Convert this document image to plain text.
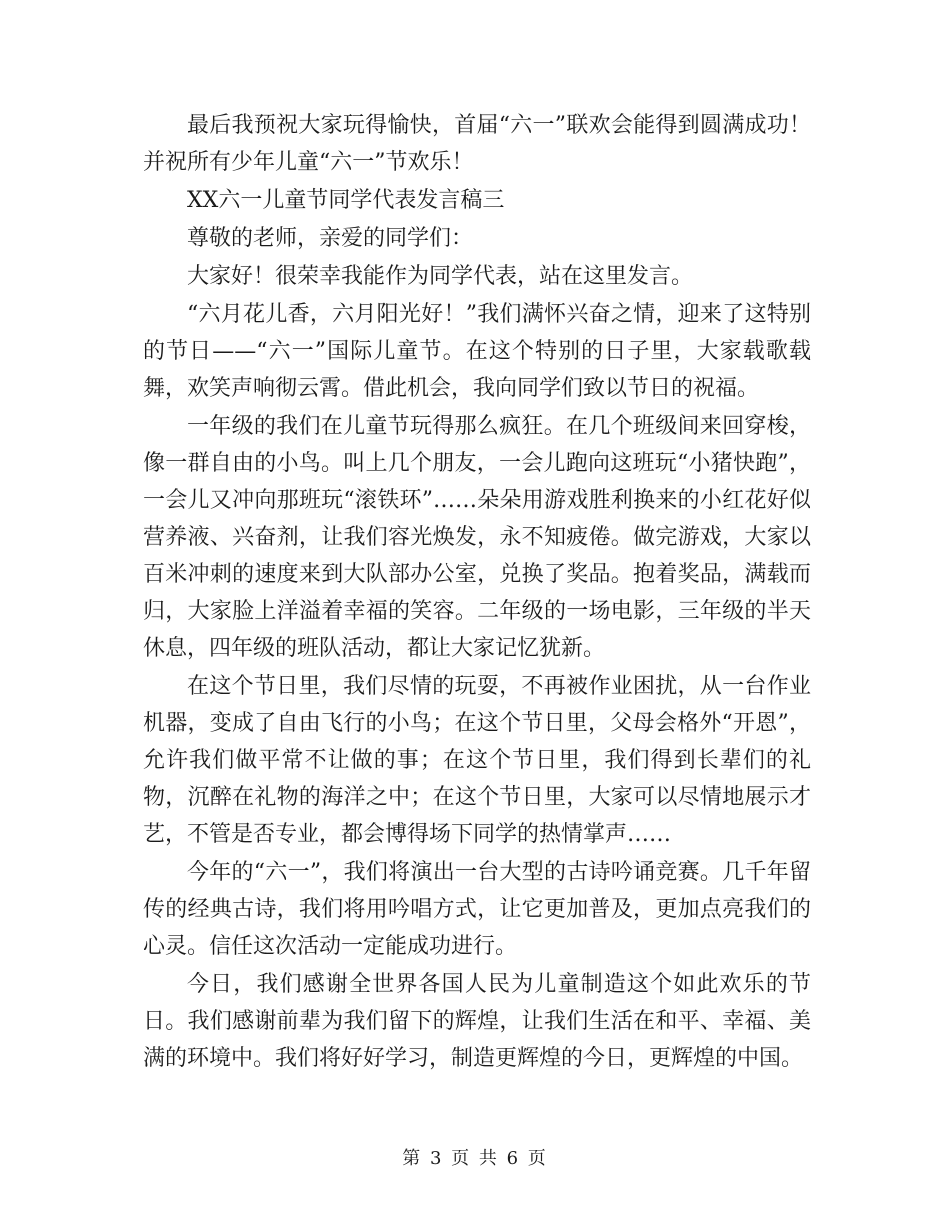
最后我预祝大家玩得愉快，首届“六一”联欢会能得到圆满成功！并祝所有少年儿童“六一”节欢乐！

XX六一儿童节同学代表发言稿三

尊敬的老师，亲爱的同学们：

大家好！很荣幸我能作为同学代表，站在这里发言。

“六月花儿香，六月阳光好！”我们满怀兴奋之情，迎来了这特别的节日——“六一”国际儿童节。在这个特别的日子里，大家载歌载舞，欢笑声响彻云霄。借此机会，我向同学们致以节日的祝福。

一年级的我们在儿童节玩得那么疯狂。在几个班级间来回穿梭，像一群自由的小鸟。叫上几个朋友，一会儿跑向这班玩“小猪快跑”，一会儿又冲向那班玩“滚铁环”……朵朵用游戏胜利换来的小红花好似营养液、兴奋剂，让我们容光焕发，永不知疲倦。做完游戏，大家以百米冲刺的速度来到大队部办公室，兑换了奖品。抱着奖品，满载而归，大家脸上洋溢着幸福的笑容。二年级的一场电影，三年级的半天休息，四年级的班队活动，都让大家记忆犹新。

在这个节日里，我们尽情的玩耍，不再被作业困扰，从一台作业机器，变成了自由飞行的小鸟；在这个节日里，父母会格外“开恩”，允许我们做平常不让做的事；在这个节日里，我们得到长辈们的礼物，沉醉在礼物的海洋之中；在这个节日里，大家可以尽情地展示才艺，不管是否专业，都会博得场下同学的热情掌声……

今年的“六一”，我们将演出一台大型的古诗吟诵竞赛。几千年留传的经典古诗，我们将用吟唱方式，让它更加普及，更加点亮我们的心灵。信任这次活动一定能成功进行。

今日，我们感谢全世界各国人民为儿童制造这个如此欢乐的节日。我们感谢前辈为我们留下的辉煌，让我们生活在和平、幸福、美满的环境中。我们将好好学习，制造更辉煌的今日，更辉煌的中国。

第 3 页 共 6 页
